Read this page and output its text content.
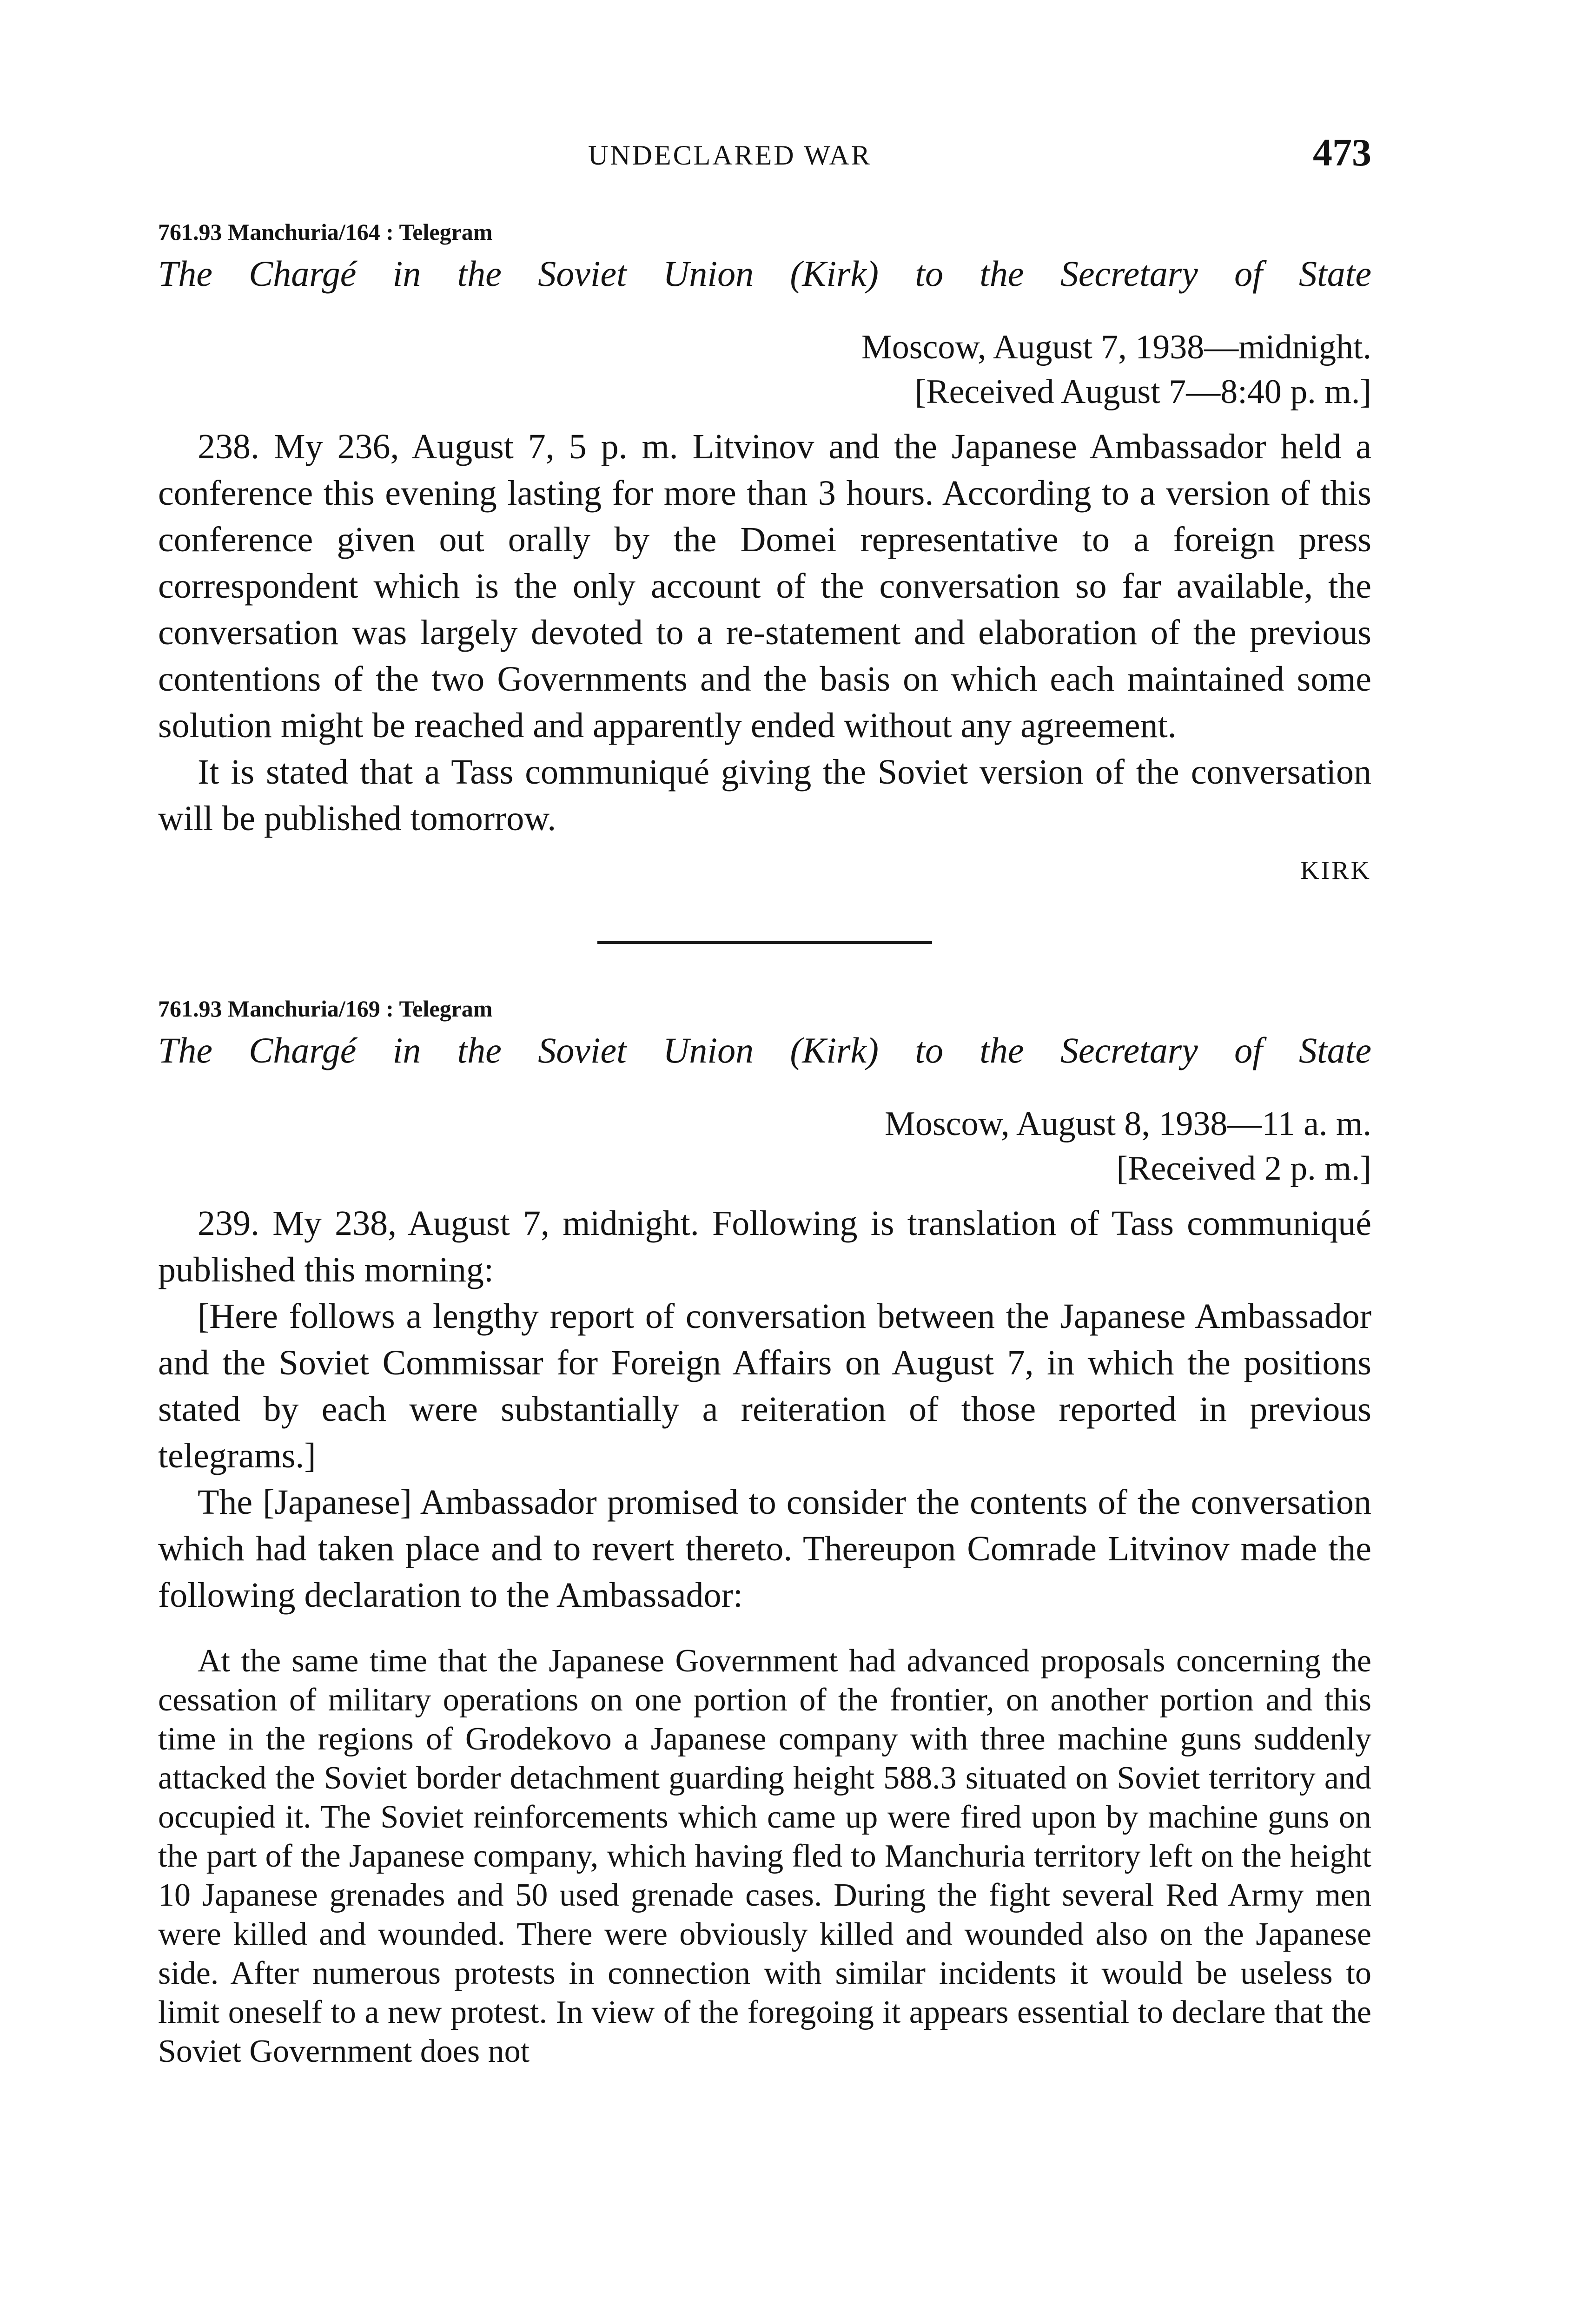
UNDECLARED WAR	473
761.93 Manchuria/164 : Telegram
The Chargé in the Soviet Union (Kirk) to the Secretary of State
Moscow, August 7, 1938—midnight.
[Received August 7—8:40 p. m.]

238. My 236, August 7, 5 p. m. Litvinov and the Japanese Ambassador held a conference this evening lasting for more than 3 hours. According to a version of this conference given out orally by the Domei representative to a foreign press correspondent which is the only account of the conversation so far available, the conversation was largely devoted to a re-statement and elaboration of the previous contentions of the two Governments and the basis on which each maintained some solution might be reached and apparently ended without any agreement.

It is stated that a Tass communiqué giving the Soviet version of the conversation will be published tomorrow.

KIRK
761.93 Manchuria/169 : Telegram
The Chargé in the Soviet Union (Kirk) to the Secretary of State
Moscow, August 8, 1938—11 a. m.
[Received 2 p. m.]

239. My 238, August 7, midnight. Following is translation of Tass communiqué published this morning:

[Here follows a lengthy report of conversation between the Japanese Ambassador and the Soviet Commissar for Foreign Affairs on August 7, in which the positions stated by each were substantially a reiteration of those reported in previous telegrams.]

The [Japanese] Ambassador promised to consider the contents of the conversation which had taken place and to revert thereto. Thereupon Comrade Litvinov made the following declaration to the Ambassador:

At the same time that the Japanese Government had advanced proposals concerning the cessation of military operations on one portion of the frontier, on another portion and this time in the regions of Grodekovo a Japanese company with three machine guns suddenly attacked the Soviet border detachment guarding height 588.3 situated on Soviet territory and occupied it. The Soviet reinforcements which came up were fired upon by machine guns on the part of the Japanese company, which having fled to Manchuria territory left on the height 10 Japanese grenades and 50 used grenade cases. During the fight several Red Army men were killed and wounded. There were obviously killed and wounded also on the Japanese side. After numerous protests in connection with similar incidents it would be useless to limit oneself to a new protest. In view of the foregoing it appears essential to declare that the Soviet Government does not
